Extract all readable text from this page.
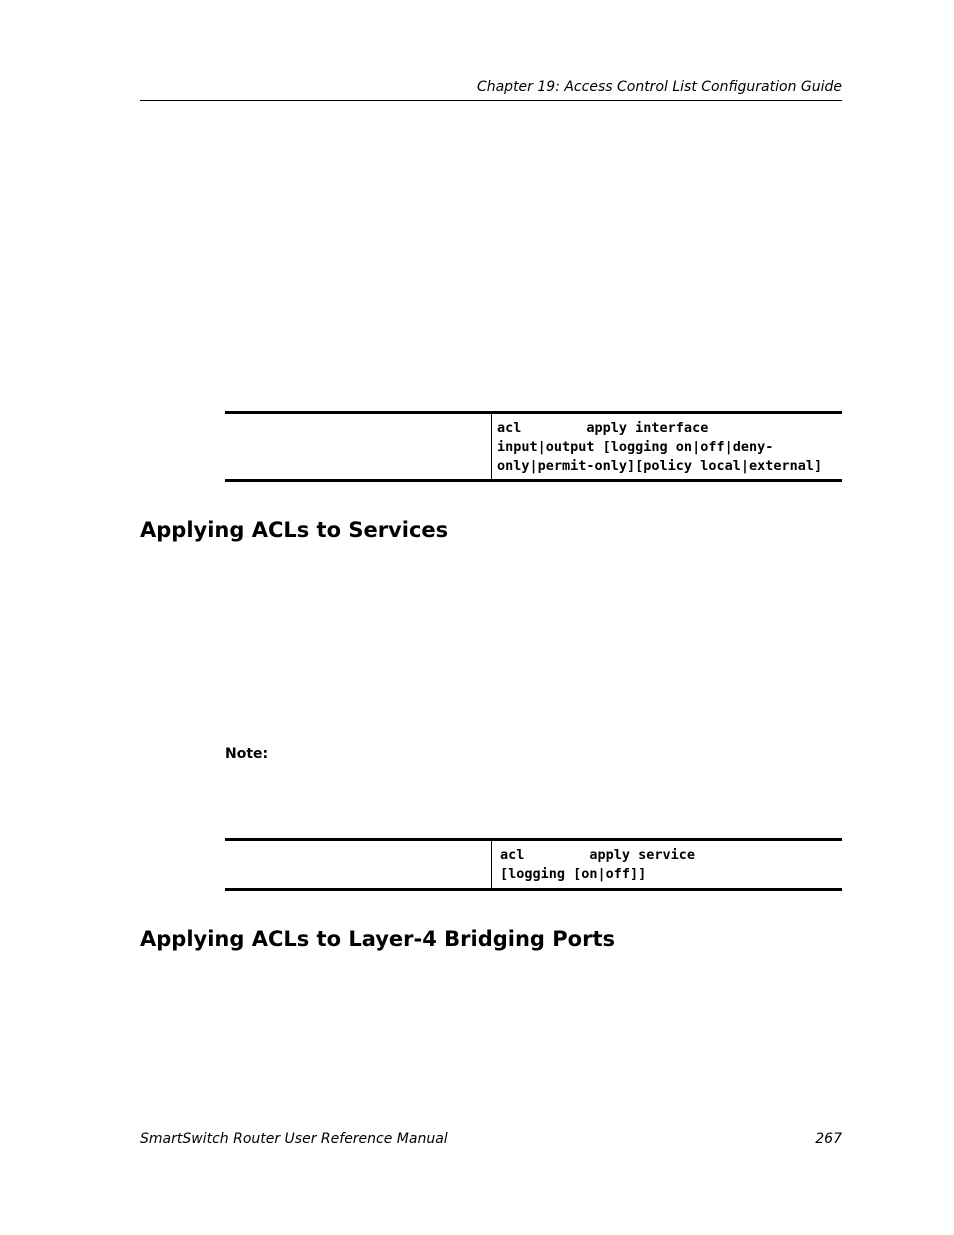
Chapter 19: Access Control List Configuration Guide
acl        apply interface
input|output [logging on|off|deny-
only|permit-only][policy local|external]
Applying ACLs to Services
Note:
acl        apply service
[logging [on|off]]
Applying ACLs to Layer-4 Bridging Ports
SmartSwitch Router User Reference Manual	267
